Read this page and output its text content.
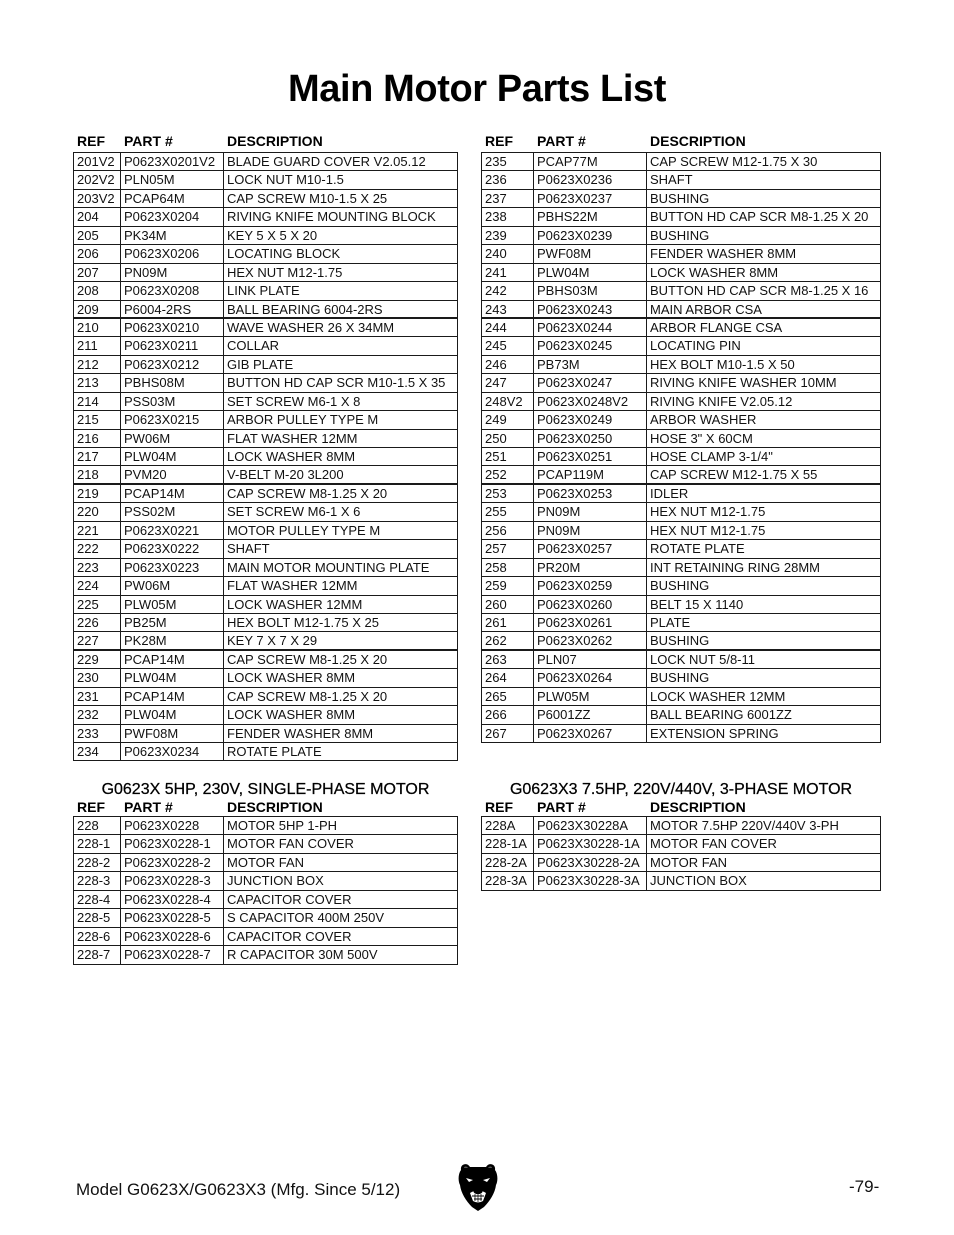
Main Motor Parts List
REF	PART #	DESCRIPTION
201V2 P0623X0201V2 BLADE GUARD COVER V2.05.12
202V2 PLN05M	LOCK NUT M10-1.5
203V2 PCAP64M	CAP SCREW M10-1.5 X 25
204	P0623X0204	RIVING KNIFE MOUNTING BLOCK
205	PK34M	KEY 5 X 5 X 20
206	P0623X0206	LOCATING BLOCK
207	PN09M	HEX NUT M12-1.75
208	P0623X0208	LINK PLATE
209	P6004-2RS	BALL BEARING 6004-2RS
210	P0623X0210	WAVE WASHER 26 X 34MM
211	P0623X0211	COLLAR
212	P0623X0212	GIB PLATE
213	PBHS08M	BUTTON HD CAP SCR M10-1.5 X 35
214	PSS03M	SET SCREW M6-1 X 8
215	P0623X0215	ARBOR PULLEY TYPE M
216	PW06M	FLAT WASHER 12MM
217	PLW04M	LOCK WASHER 8MM
218	PVM20	V-BELT M-20 3L200
219	PCAP14M	CAP SCREW M8-1.25 X 20
220	PSS02M	SET SCREW M6-1 X 6
221	P0623X0221	MOTOR PULLEY TYPE M
222	P0623X0222	SHAFT
223	P0623X0223	MAIN MOTOR MOUNTING PLATE
224	PW06M	FLAT WASHER 12MM
225	PLW05M	LOCK WASHER 12MM
226	PB25M	HEX BOLT M12-1.75 X 25
227	PK28M	KEY 7 X 7 X 29
229	PCAP14M	CAP SCREW M8-1.25 X 20
230	PLW04M	LOCK WASHER 8MM
231	PCAP14M	CAP SCREW M8-1.25 X 20
232	PLW04M	LOCK WASHER 8MM
233	PWF08M	FENDER WASHER 8MM
234	P0623X0234	ROTATE PLATE
REF	PART #	DESCRIPTION
235	PCAP77M	CAP SCREW M12-1.75 X 30
236	P0623X0236	SHAFT
237	P0623X0237	BUSHING
238	PBHS22M	BUTTON HD CAP SCR M8-1.25 X 20
239	P0623X0239	BUSHING
240	PWF08M	FENDER WASHER 8MM
241	PLW04M	LOCK WASHER 8MM
242	PBHS03M	BUTTON HD CAP SCR M8-1.25 X 16
243	P0623X0243	MAIN ARBOR CSA
244	P0623X0244	ARBOR FLANGE CSA
245	P0623X0245	LOCATING PIN
246	PB73M	HEX BOLT M10-1.5 X 50
247	P0623X0247	RIVING KNIFE WASHER 10MM
248V2	P0623X0248V2	RIVING KNIFE V2.05.12
249	P0623X0249	ARBOR WASHER
250	P0623X0250	HOSE 3" X 60CM
251	P0623X0251	HOSE CLAMP 3-1/4"
252	PCAP119M	CAP SCREW M12-1.75 X 55
253	P0623X0253	IDLER
255	PN09M	HEX NUT M12-1.75
256	PN09M	HEX NUT M12-1.75
257	P0623X0257	ROTATE PLATE
258	PR20M	INT RETAINING RING 28MM
259	P0623X0259	BUSHING
260	P0623X0260	BELT 15 X 1140
261	P0623X0261	PLATE
262	P0623X0262	BUSHING
263	PLN07	LOCK NUT 5/8-11
264	P0623X0264	BUSHING
265	PLW05M	LOCK WASHER 12MM
266	P6001ZZ	BALL BEARING 6001ZZ
267	P0623X0267	EXTENSION SPRING
G0623X 5HP, 230V, SINGLE-PHASE MOTOR
REF	PART #	DESCRIPTION
228	P0623X0228	MOTOR 5HP 1-PH
228-1	P0623X0228-1	MOTOR FAN COVER
228-2	P0623X0228-2	MOTOR FAN
228-3	P0623X0228-3	JUNCTION BOX
228-4	P0623X0228-4	CAPACITOR COVER
228-5	P0623X0228-5	S CAPACITOR 400M 250V
228-6	P0623X0228-6	CAPACITOR COVER
228-7	P0623X0228-7	R CAPACITOR 30M 500V
G0623X3 7.5HP, 220V/440V, 3-PHASE MOTOR
REF	PART #	DESCRIPTION
228A	P0623X30228A	MOTOR 7.5HP 220V/440V 3-PH
228-1A P0623X30228-1A MOTOR FAN COVER
228-2A P0623X30228-2A MOTOR FAN
228-3A P0623X30228-3A JUNCTION BOX
Model G0623X/G0623X3 (Mfg. Since 5/12)	-79-
